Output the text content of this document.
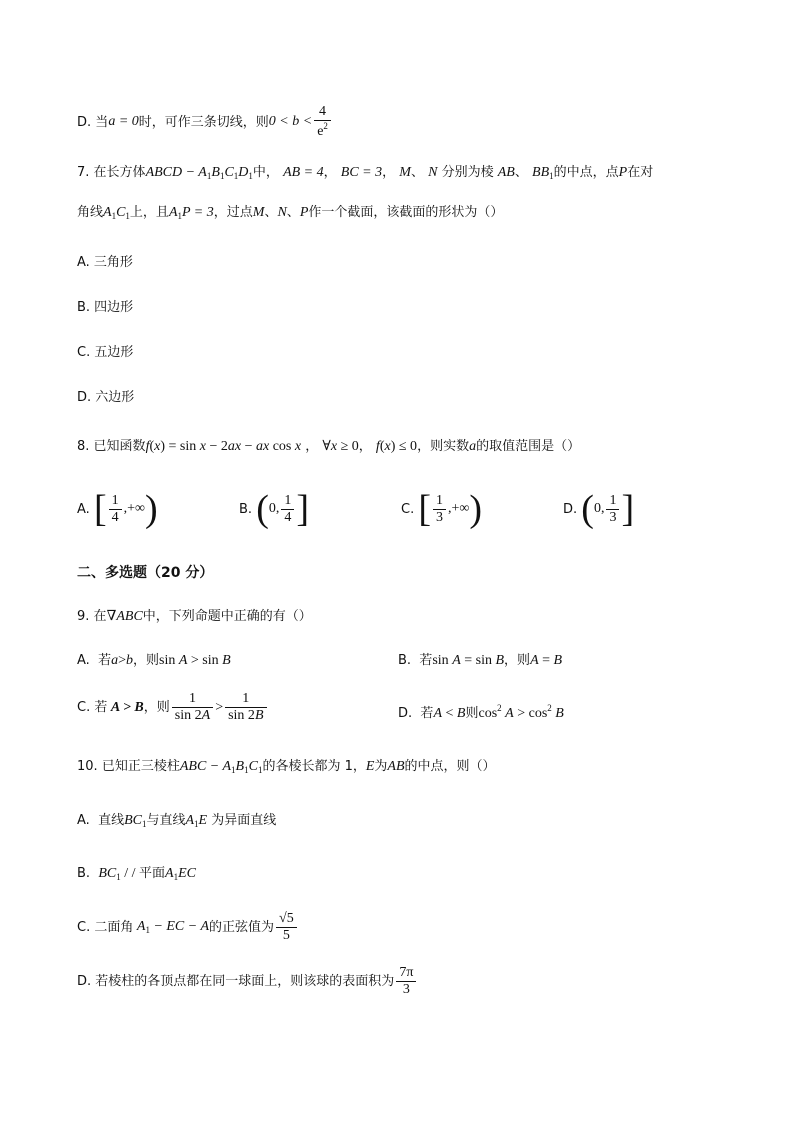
D.
当 a = 0 时，可作三条切线，则 $0 < b < \frac{4}{e^2}$
7. 在长方体ABCD − $A_1B_1C_1D_1$中， AB = 4， BC = 3， M、 N 分别为棱 AB、 $BB_1$的中点，点P在对
角线$A_1C_1$上，且$A_1P = 3$，过点M、N、P作一个截面，该截面的形状为（）
A. 三角形
B. 四边形
C. 五边形
D. 六边形
8. 已知函数f(x) = sin x − 2ax − ax cos x ， ∀x ≥ 0， f(x) ≤ 0，则实数a的取值范围是（）
A.
[ $\frac{1}{4}$ ,+∞ )	B.
( 0, $\frac{1}{4}$ ]	C.
[ $\frac{1}{3}$ ,+∞ )	D.
( 0, $\frac{1}{3}$ ]
二、多选题（20 分）
9. 在∇ABC中，下列命题中正确的有（）
A. 若a>b，则sin A > sin B	B. 若sin A = sin B，则A = B
C.
若 A > B ，则 $\frac{1}{\sin 2A} > \frac{1}{\sin 2B}$	D. 若A < B则$\cos^2 A > \cos^2 B$
10. 已知正三棱柱ABC − $A_1B_1C_1$的各棱长都为 1，E为AB的中点，则（）
A. 直线$BC_1$与直线$A_1E$ 为异面直线
B. $BC_1$ / / 平面$A_1EC$
C.
二面角 $A_1$ − EC − A 的正弦值为 $\frac{√5}{5}$
D.
若棱柱的各顶点都在同一球面上，则该球的表面积为 $\frac{7\pi}{3}$
